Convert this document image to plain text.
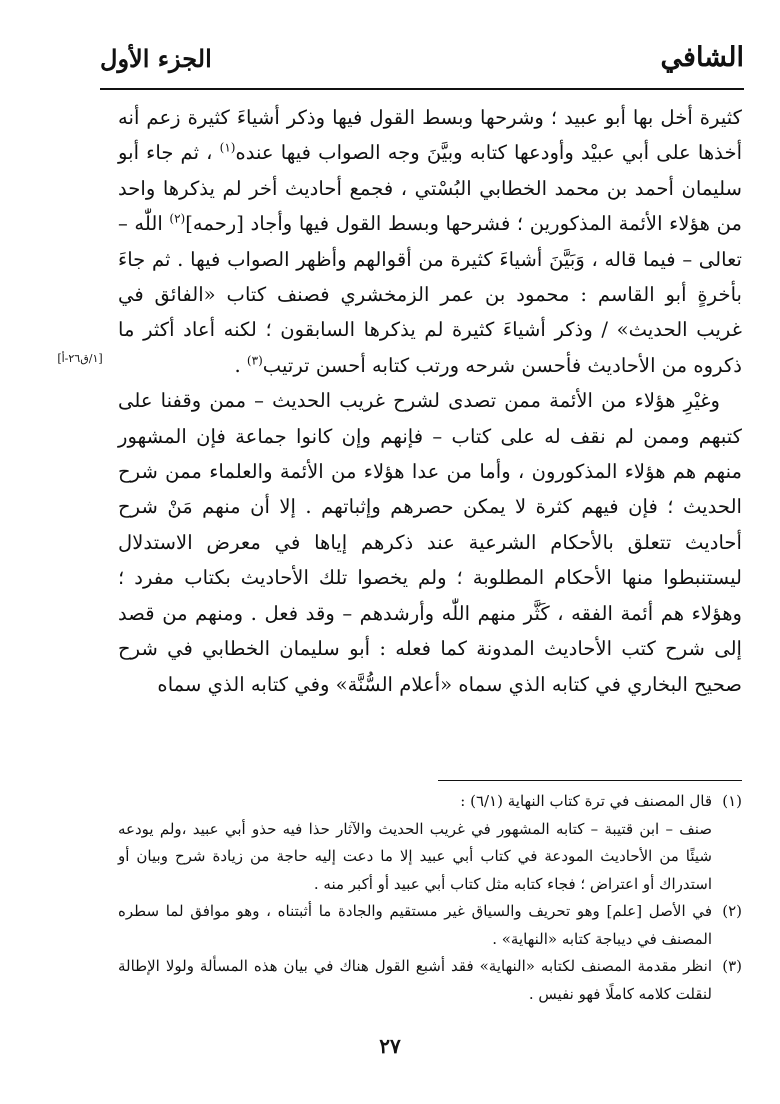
الشافي
الجزء الأول
[١/ق٢٦-أ]

كثيرة أخل بها أبو عبيد ؛ وشرحها وبسط القول فيها وذكر أشياءَ كثيرة زعم أنه أخذها على أبي عبيْد وأودعها كتابه وبيَّنَ وجه الصواب فيها عنده$^{(١)}$ ، ثم جاء أبو سليمان أحمد بن محمد الخطابي البُسْتي ، فجمع أحاديث أخر لم يذكرها واحد من هؤلاء الأئمة المذكورين ؛ فشرحها وبسط القول فيها وأجاد [رحمه]$^{(٢)}$ اللّٰه – تعالى – فيما قاله ، وَبَيَّنَ أشياءَ كثيرة من أقوالهم وأظهر الصواب فيها . ثم جاءَ بأخرةٍ أبو القاسم : محمود بن عمر الزمخشري فصنف كتاب «الفائق في غريب الحديث» / وذكر أشياءَ كثيرة لم يذكرها السابقون ؛ لكنه أعاد أكثر ما ذكروه من الأحاديث فأحسن شرحه ورتب كتابه أحسن ترتيب$^{(٣)}$ .

وغيْرِ هؤلاء من الأئمة ممن تصدى لشرح غريب الحديث – ممن وقفنا على كتبهم وممن لم نقف له على كتاب – فإنهم وإن كانوا جماعة فإن المشهور منهم هم هؤلاء المذكورون ، وأما من عدا هؤلاء من الأئمة والعلماء ممن شرح الحديث ؛ فإن فيهم كثرة لا يمكن حصرهم وإثباتهم . إلا أن منهم مَنْ شرح أحاديث تتعلق بالأحكام الشرعية عند ذكرهم إياها في معرض الاستدلال ليستنبطوا منها الأحكام المطلوبة ؛ ولم يخصوا تلك الأحاديث بكتاب مفرد ؛ وهؤلاء هم أئمة الفقه ، كَثَّر منهم اللّٰه وأرشدهم – وقد فعل . ومنهم من قصد إلى شرح كتب الأحاديث المدونة كما فعله : أبو سليمان الخطابي في شرح صحيح البخاري في كتابه الذي سماه «أعلام السُّنَّة» وفي كتابه الذي سماه

(١)
قال المصنف في ترة كتاب النهاية (٦/١) :
صنف – ابن قتيبة – كتابه المشهور في غريب الحديث والآثار حذا فيه حذو أبي عبيد ،ولم يودعه شيئًا من الأحاديث المودعة في كتاب أبي عبيد إلا ما دعت إليه حاجة من زيادة شرح وبيان أو استدراك أو اعتراض ؛ فجاء كتابه مثل كتاب أبي عبيد أو أكبر منه .
(٢)
في الأصل [علم] وهو تحريف والسياق غير مستقيم والجادة ما أثبتناه ، وهو موافق لما سطره المصنف في ديباجة كتابه «النهاية» .
(٣)
انظر مقدمة المصنف لكتابه «النهاية» فقد أشبع القول هناك في بيان هذه المسألة ولولا الإطالة لنقلت كلامه كاملًا فهو نفيس .
٢٧
